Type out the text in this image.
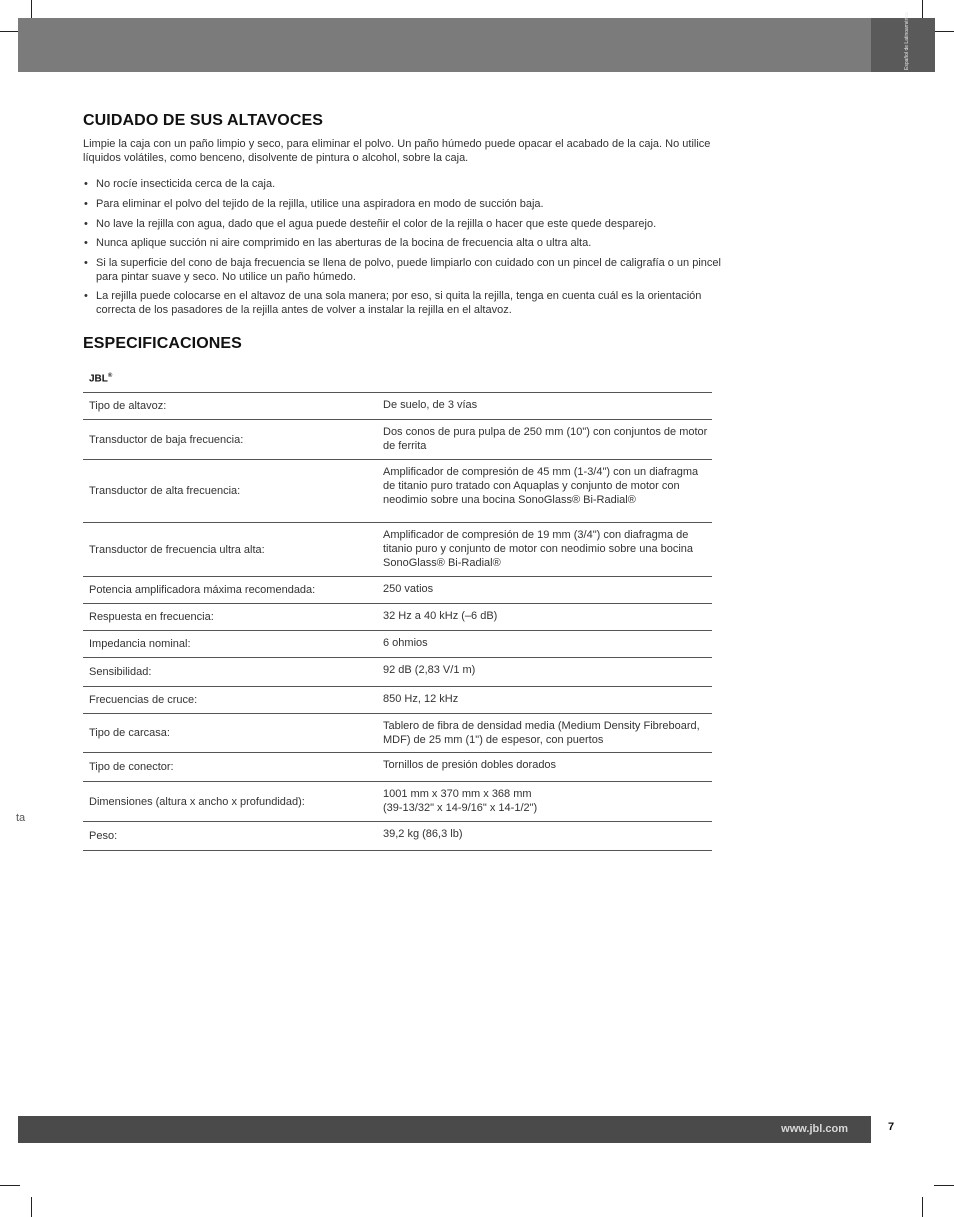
Español de Latinoamérica
CUIDADO DE SUS ALTAVOCES

Limpie la caja con un paño limpio y seco, para eliminar el polvo. Un paño húmedo puede opacar el acabado de la caja. No utilice líquidos volátiles, como benceno, disolvente de pintura o alcohol, sobre la caja.

• No rocíe insecticida cerca de la caja.
• Para eliminar el polvo del tejido de la rejilla, utilice una aspiradora en modo de succión baja.
• No lave la rejilla con agua, dado que el agua puede desteñir el color de la rejilla o hacer que este quede desparejo.
• Nunca aplique succión ni aire comprimido en las aberturas de la bocina de frecuencia alta o ultra alta.
• Si la superficie del cono de baja frecuencia se llena de polvo, puede limpiarlo con cuidado con un pincel de caligrafía o un pincel para pintar suave y seco. No utilice un paño húmedo.
• La rejilla puede colocarse en el altavoz de una sola manera; por eso, si quita la rejilla, tenga en cuenta cuál es la orientación correcta de los pasadores de la rejilla antes de volver a instalar la rejilla en el altavoz.
ESPECIFICACIONES
JBL®
Tipo de altavoz:	De suelo, de 3 vías
Transductor de baja frecuencia:
Dos conos de pura pulpa de 250 mm (10") con conjuntos de motor de ferrita
Transductor de alta frecuencia:
Amplificador de compresión de 45 mm (1-3/4") con un diafragma de titanio puro tratado con Aquaplas y conjunto de motor con neodimio sobre una bocina SonoGlass® Bi-Radial®
Transductor de frecuencia ultra alta:
Amplificador de compresión de 19 mm (3/4") con diafragma de titanio puro y conjunto de motor con neodimio sobre una bocina SonoGlass® Bi-Radial®
Potencia amplificadora máxima recomendada:	250 vatios
Respuesta en frecuencia:	32 Hz a 40 kHz (–6 dB)
Impedancia nominal:	6 ohmios
Sensibilidad:	92 dB (2,83 V/1 m)
Frecuencias de cruce:	850 Hz, 12 kHz
Tipo de carcasa:
Tablero de fibra de densidad media (Medium Density Fibreboard, MDF) de 25 mm (1") de espesor, con puertos
Tipo de conector:	Tornillos de presión dobles dorados
Dimensiones (altura x ancho x profundidad):
1001 mm x 370 mm x 368 mm
(39-13/32" x 14-9/16" x 14-1/2")
Peso:	39,2 kg (86,3 lb)
ta
www.jbl.com	7
